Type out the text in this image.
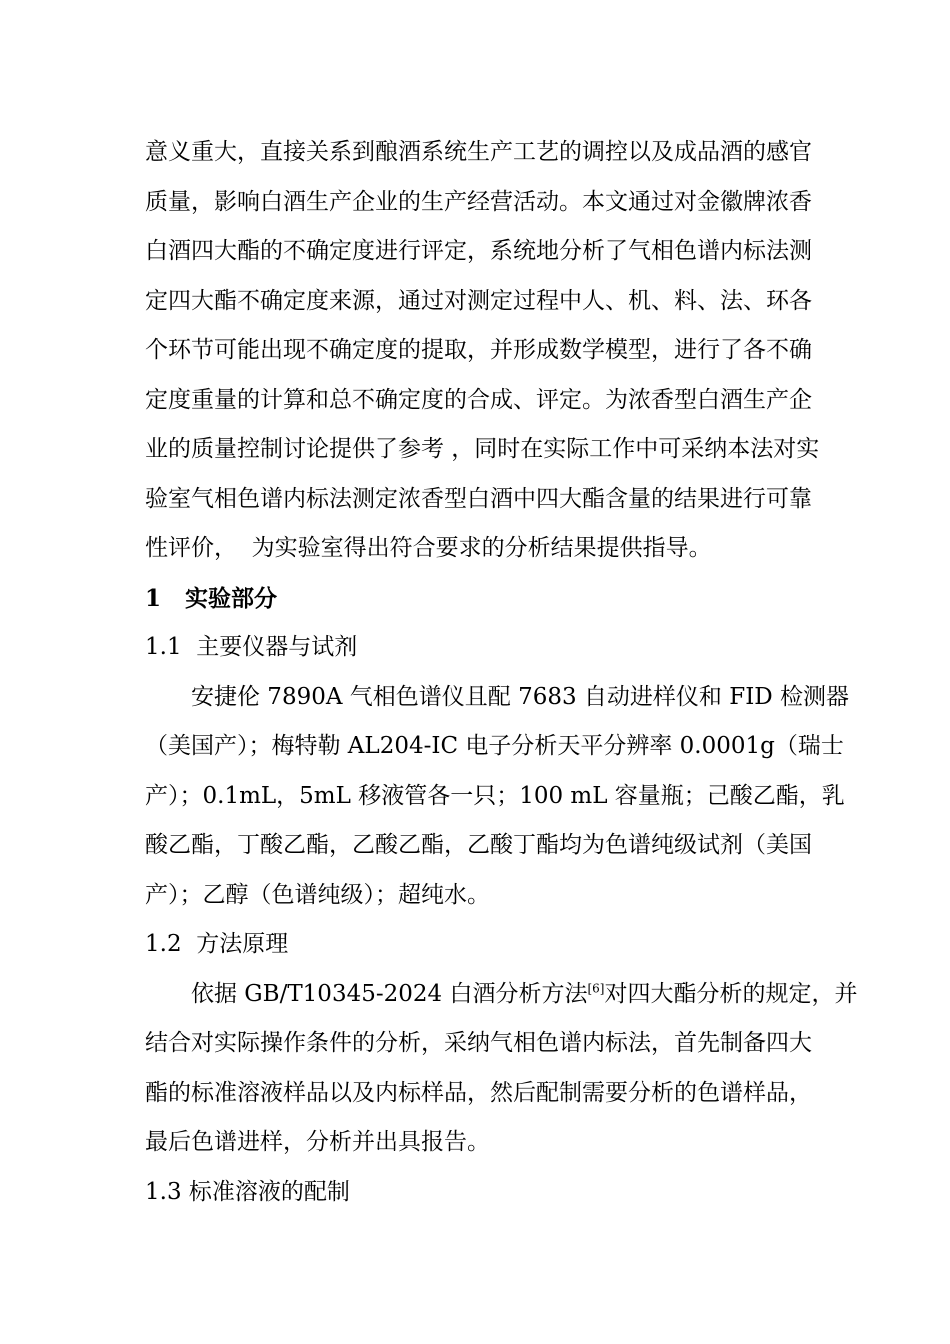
意义重大，直接关系到酿酒系统生产工艺的调控以及成品酒的感官
质量，影响白酒生产企业的生产经营活动。本文通过对金徽牌浓香
白酒四大酯的不确定度进行评定，系统地分析了气相色谱内标法测
定四大酯不确定度来源，通过对测定过程中人、机、料、法、环各
个环节可能出现不确定度的提取，并形成数学模型，进行了各不确
定度重量的计算和总不确定度的合成、评定。为浓香型白酒生产企
业的质量控制讨论提供了参考 ，同时在实际工作中可采纳本法对实
验室气相色谱内标法测定浓香型白酒中四大酯含量的结果进行可靠
性评价，  为实验室得出符合要求的分析结果提供指导。
1   实验部分
1.1  主要仪器与试剂
安捷伦 7890A 气相色谱仪且配 7683 自动进样仪和 FID 检测器
（美国产）；梅特勒 AL204-IC 电子分析天平分辨率 0.0001g（瑞士
产）；0.1mL，5mL 移液管各一只；100 mL 容量瓶；己酸乙酯，乳
酸乙酯，丁酸乙酯，乙酸乙酯，乙酸丁酯均为色谱纯级试剂（美国
产）；乙醇（色谱纯级）；超纯水。
1.2  方法原理
依据 GB/T10345-2024 白酒分析方法[6]对四大酯分析的规定，并
结合对实际操作条件的分析，采纳气相色谱内标法，首先制备四大
酯的标准溶液样品以及内标样品，然后配制需要分析的色谱样品，
最后色谱进样，分析并出具报告。
1.3 标准溶液的配制
